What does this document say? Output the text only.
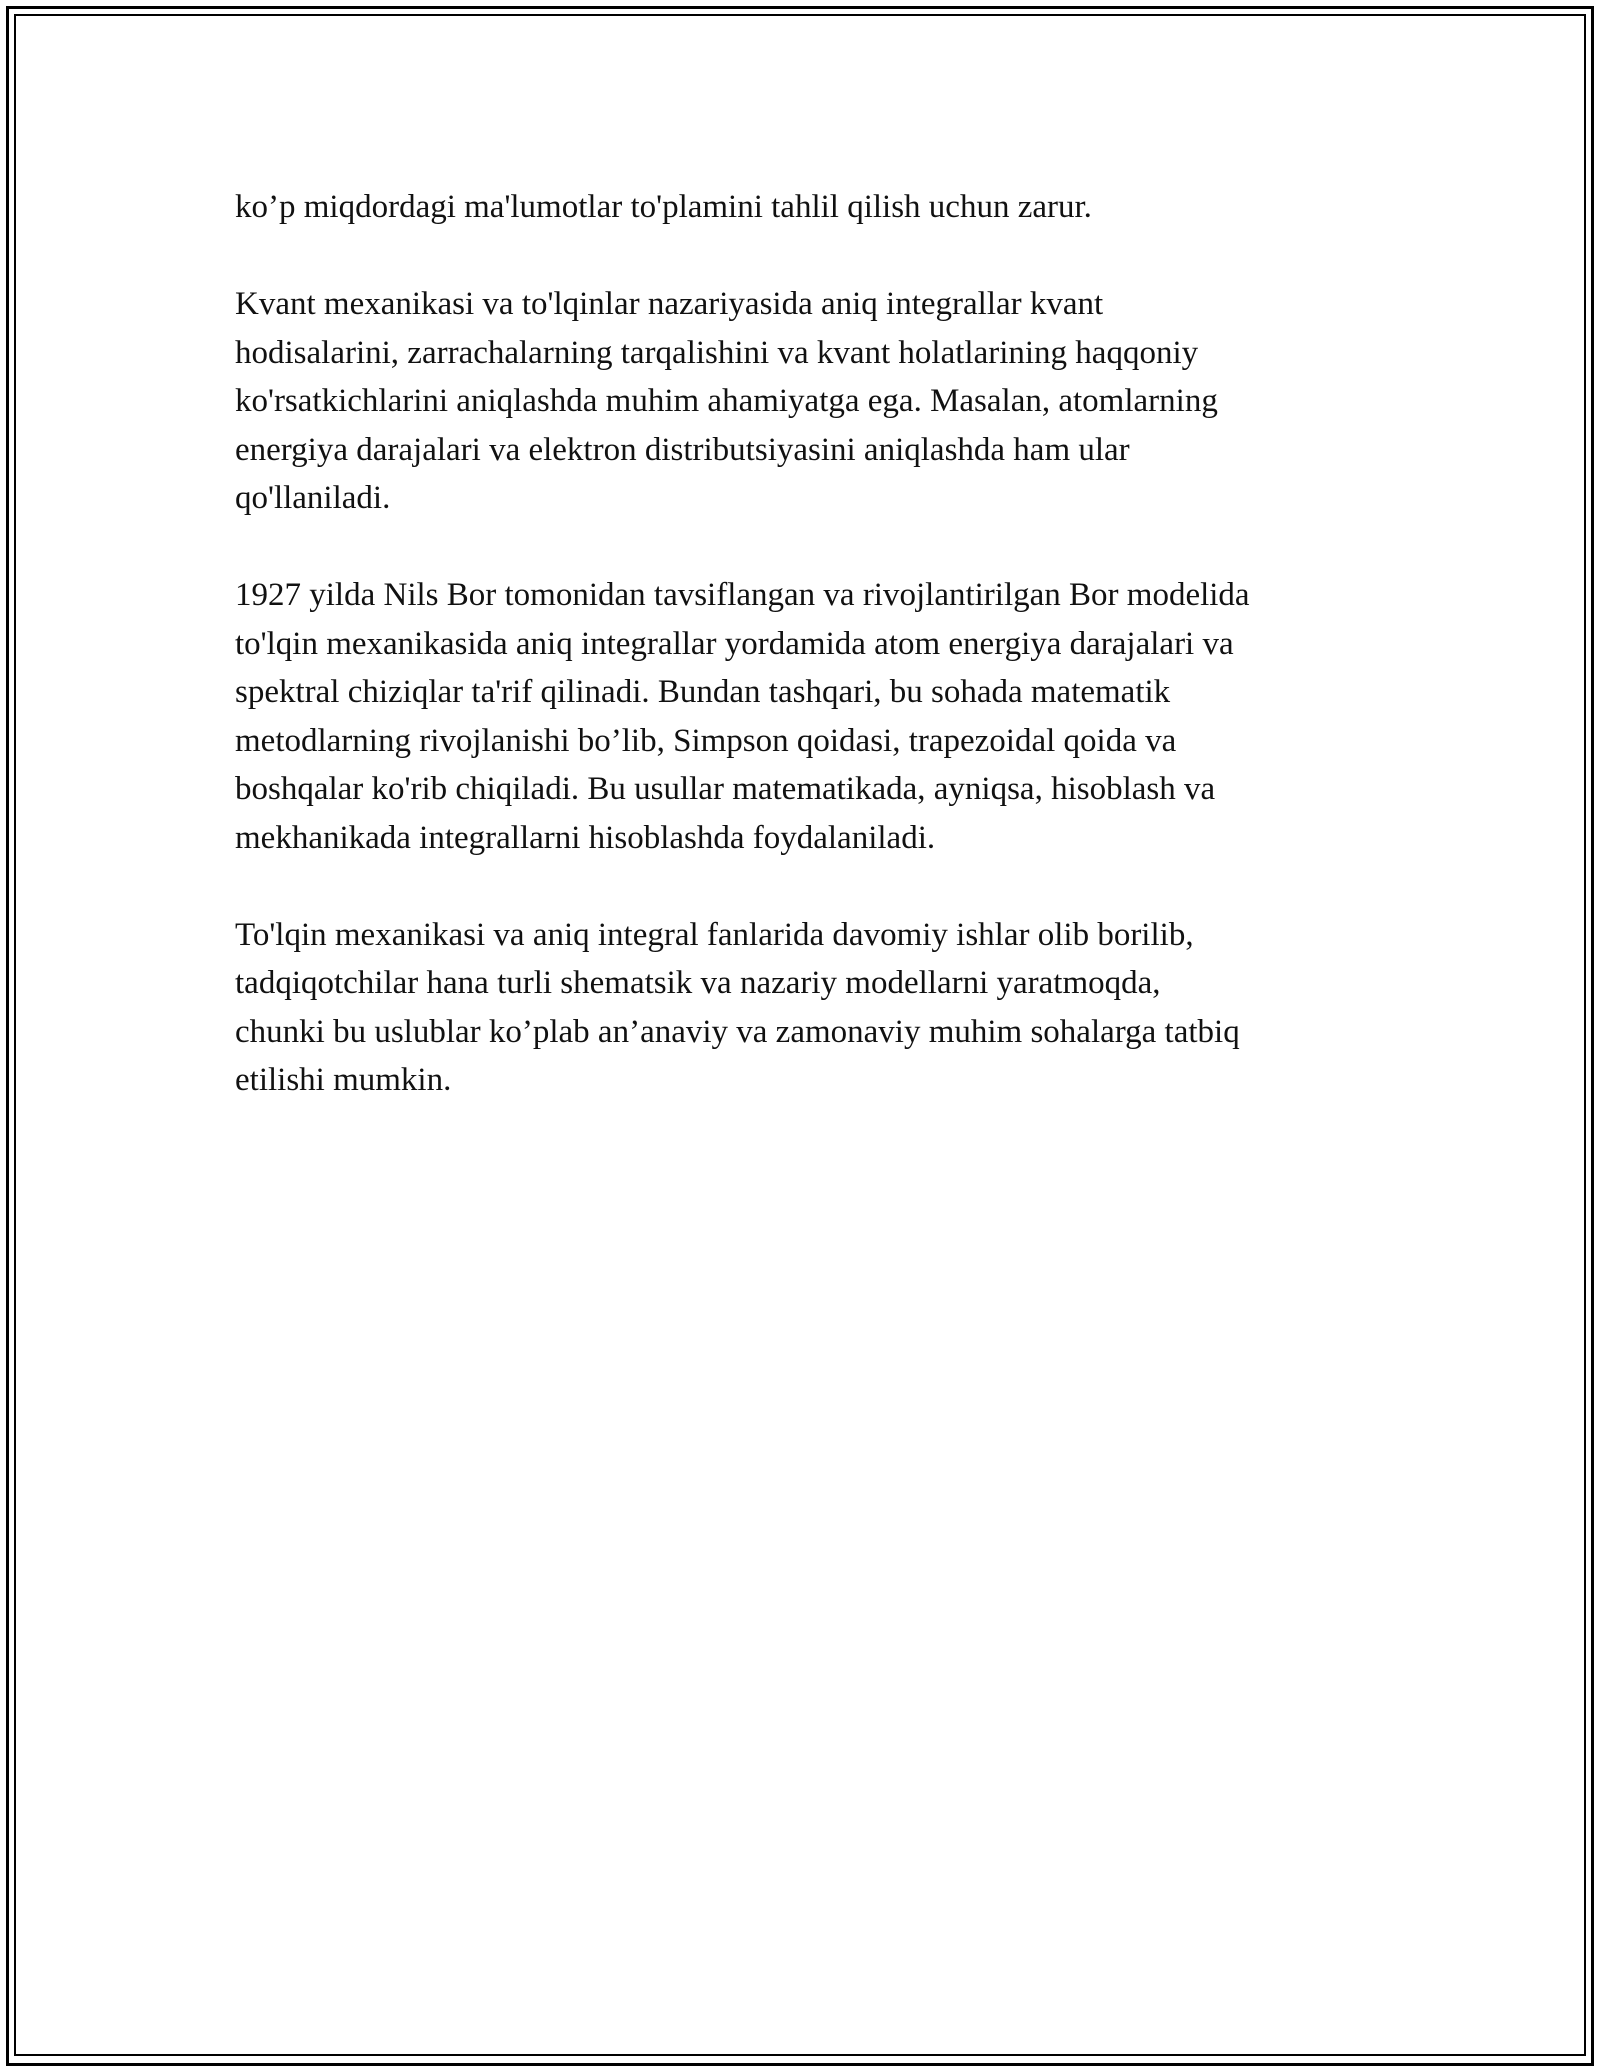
ko’p miqdordagi ma'lumotlar to'plamini tahlil qilish uchun zarur.

Kvant mexanikasi va to'lqinlar nazariyasida aniq integrallar kvant
hodisalarini, zarrachalarning tarqalishini va kvant holatlarining haqqoniy
ko'rsatkichlarini aniqlashda muhim ahamiyatga ega. Masalan, atomlarning
energiya darajalari va elektron distributsiyasini aniqlashda ham ular
qo'llaniladi.

1927 yilda Nils Bor tomonidan tavsiflangan va rivojlantirilgan Bor modelida
to'lqin mexanikasida aniq integrallar yordamida atom energiya darajalari va
spektral chiziqlar ta'rif qilinadi. Bundan tashqari, bu sohada matematik
metodlarning rivojlanishi bo’lib, Simpson qoidasi, trapezoidal qoida va
boshqalar ko'rib chiqiladi. Bu usullar matematikada, ayniqsa, hisoblash va
mekhanikada integrallarni hisoblashda foydalaniladi.

To'lqin mexanikasi va aniq integral fanlarida davomiy ishlar olib borilib,
tadqiqotchilar hana turli shematsik va nazariy modellarni yaratmoqda,
chunki bu uslublar ko’plab an’anaviy va zamonaviy muhim sohalarga tatbiq
etilishi mumkin.
